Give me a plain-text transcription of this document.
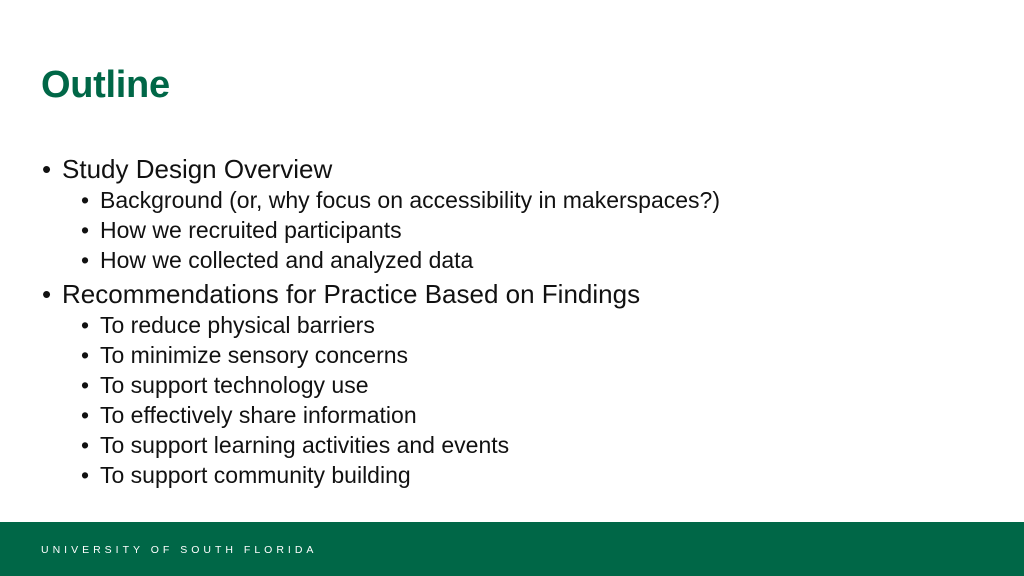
Outline
• Study Design Overview
• Background (or, why focus on accessibility in makerspaces?)
• How we recruited participants
• How we collected and analyzed data
• Recommendations for Practice Based on Findings
• To reduce physical barriers
• To minimize sensory concerns
• To support technology use
• To effectively share information
• To support learning activities and events
• To support community building
UNIVERSITY OF SOUTH FLORIDA
